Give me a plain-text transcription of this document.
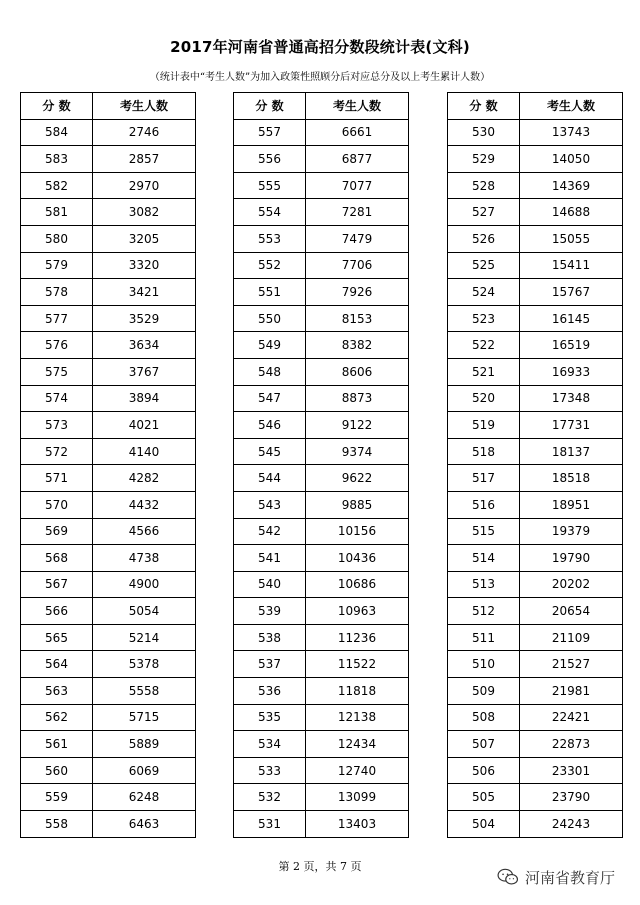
2017年河南省普通高招分数段统计表(文科)
（统计表中“考生人数”为加入政策性照顾分后对应总分及以上考生累计人数）
分 数	考生人数
584	2746
583	2857
582	2970
581	3082
580	3205
579	3320
578	3421
577	3529
576	3634
575	3767
574	3894
573	4021
572	4140
571	4282
570	4432
569	4566
568	4738
567	4900
566	5054
565	5214
564	5378
563	5558
562	5715
561	5889
560	6069
559	6248
558	6463
分 数	考生人数
557	6661
556	6877
555	7077
554	7281
553	7479
552	7706
551	7926
550	8153
549	8382
548	8606
547	8873
546	9122
545	9374
544	9622
543	9885
542	10156
541	10436
540	10686
539	10963
538	11236
537	11522
536	11818
535	12138
534	12434
533	12740
532	13099
531	13403
分 数	考生人数
530	13743
529	14050
528	14369
527	14688
526	15055
525	15411
524	15767
523	16145
522	16519
521	16933
520	17348
519	17731
518	18137
517	18518
516	18951
515	19379
514	19790
513	20202
512	20654
511	21109
510	21527
509	21981
508	22421
507	22873
506	23301
505	23790
504	24243
第 2 页，共 7 页
河南省教育厅
